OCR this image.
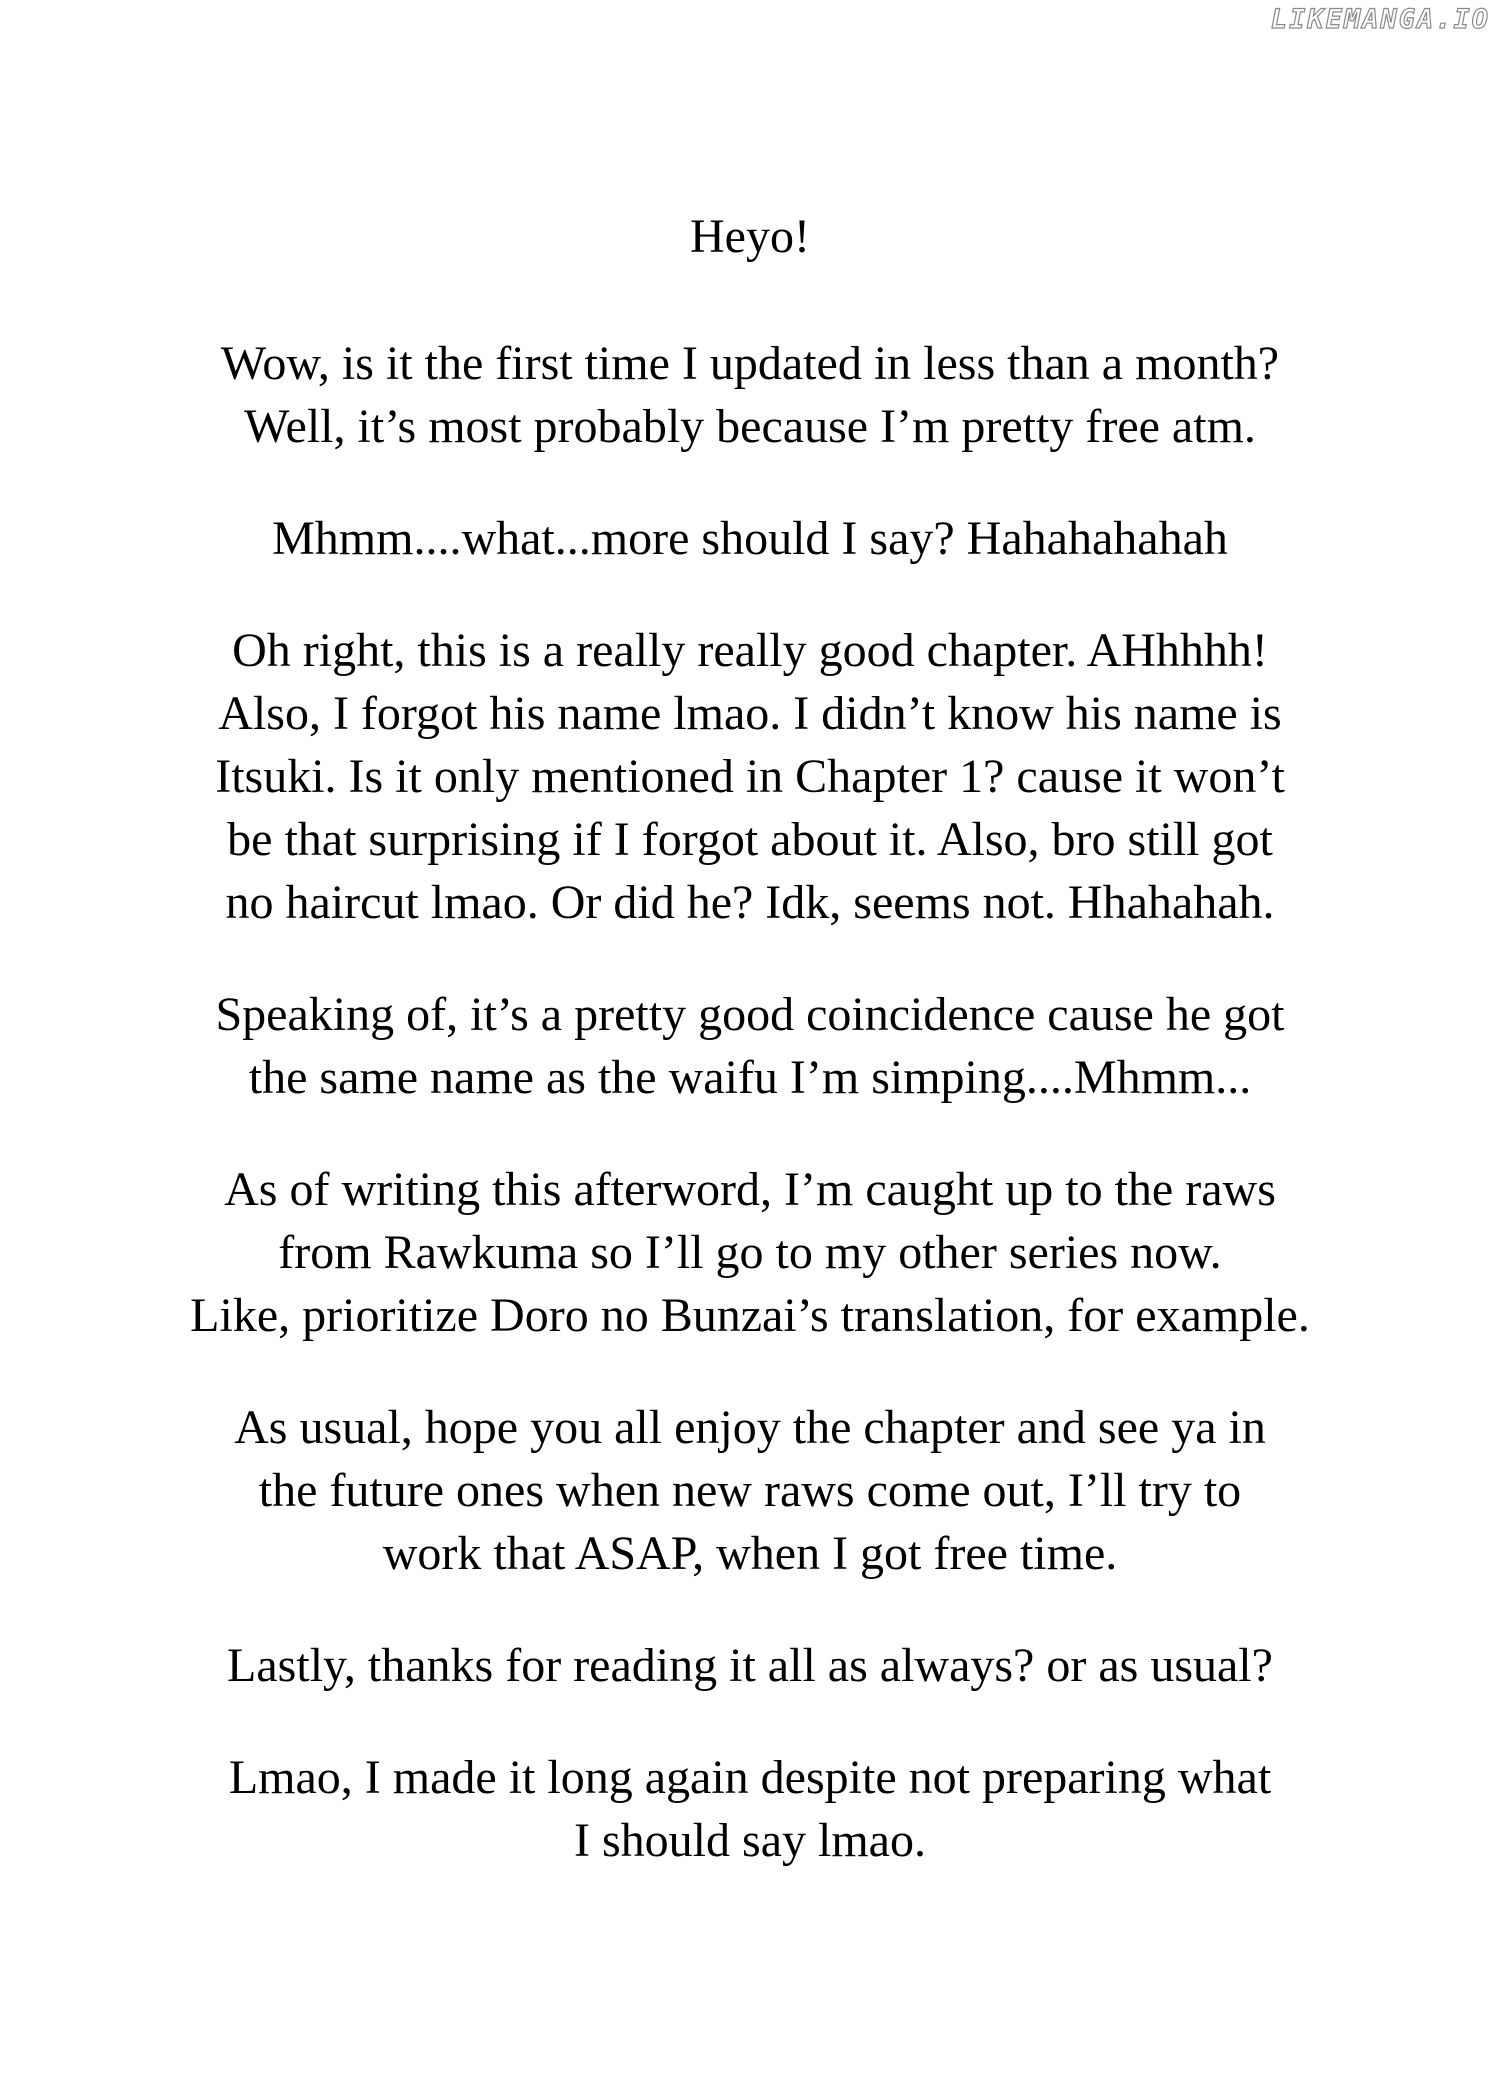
LIKEMANGA.IO
Heyo!
Wow, is it the first time I updated in less than a month?
Well, it’s most probably because I’m pretty free atm.
Mhmm....what...more should I say? Hahahahahah
Oh right, this is a really really good chapter. AHhhhh!
Also, I forgot his name lmao. I didn’t know his name is
Itsuki. Is it only mentioned in Chapter 1? cause it won’t
be that surprising if I forgot about it. Also, bro still got
no haircut lmao. Or did he? Idk, seems not. Hhahahah.
Speaking of, it’s a pretty good coincidence cause he got
the same name as the waifu I’m simping....Mhmm...
As of writing this afterword, I’m caught up to the raws
from Rawkuma so I’ll go to my other series now.
Like, prioritize Doro no Bunzai’s translation, for example.
As usual, hope you all enjoy the chapter and see ya in
the future ones when new raws come out, I’ll try to
work that ASAP, when I got free time.
Lastly, thanks for reading it all as always? or as usual?
Lmao, I made it long again despite not preparing what
I should say lmao.
